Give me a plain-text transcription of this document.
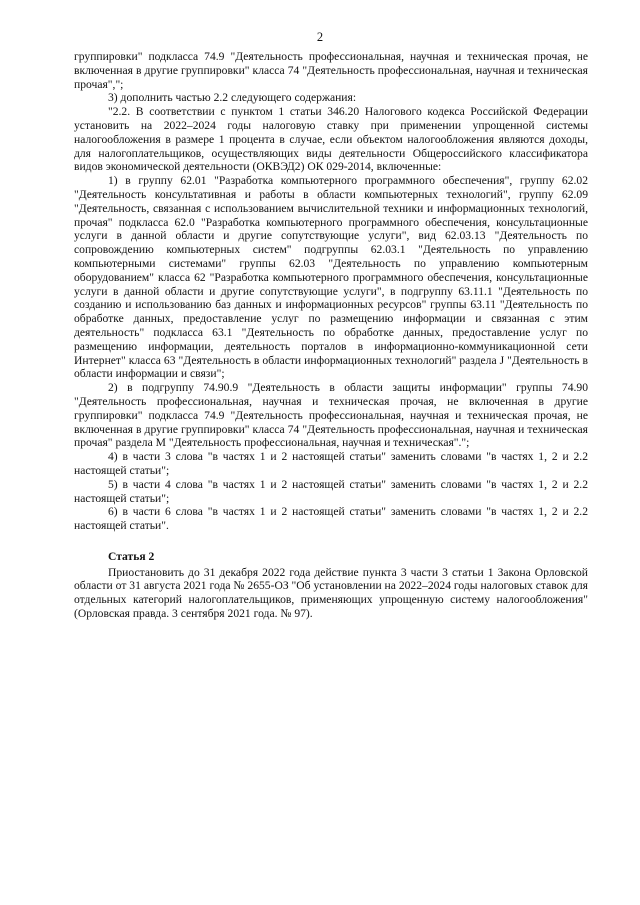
2

группировки" подкласса 74.9 "Деятельность профессиональная, научная и техническая прочая, не включенная в другие группировки" класса 74 "Деятельность профессиональная, научная и техническая прочая",";

3) дополнить частью 2.2 следующего содержания:

"2.2. В соответствии с пунктом 1 статьи 346.20 Налогового кодекса Российской Федерации установить на 2022–2024 годы налоговую ставку при применении упрощенной системы налогообложения в размере 1 процента в случае, если объектом налогообложения являются доходы, для налогоплательщиков, осуществляющих виды деятельности Общероссийского классификатора видов экономической деятельности (ОКВЭД2) ОК 029-2014, включенные:

1) в группу 62.01 "Разработка компьютерного программного обеспечения", группу 62.02 "Деятельность консультативная и работы в области компьютерных технологий", группу 62.09 "Деятельность, связанная с использованием вычислительной техники и информационных технологий, прочая" подкласса 62.0 "Разработка компьютерного программного обеспечения, консультационные услуги в данной области и другие сопутствующие услуги", вид 62.03.13 "Деятельность по сопровождению компьютерных систем" подгруппы 62.03.1 "Деятельность по управлению компьютерными системами" группы 62.03 "Деятельность по управлению компьютерным оборудованием" класса 62 "Разработка компьютерного программного обеспечения, консультационные услуги в данной области и другие сопутствующие услуги", в подгруппу 63.11.1 "Деятельность по созданию и использованию баз данных и информационных ресурсов" группы 63.11 "Деятельность по обработке данных, предоставление услуг по размещению информации и связанная с этим деятельность" подкласса 63.1 "Деятельность по обработке данных, предоставление услуг по размещению информации, деятельность порталов в информационно-коммуникационной сети Интернет" класса 63 "Деятельность в области информационных технологий" раздела J "Деятельность в области информации и связи";

2) в подгруппу 74.90.9 "Деятельность в области защиты информации" группы 74.90 "Деятельность профессиональная, научная и техническая прочая, не включенная в другие группировки" подкласса 74.9 "Деятельность профессиональная, научная и техническая прочая, не включенная в другие группировки" класса 74 "Деятельность профессиональная, научная и техническая прочая" раздела M "Деятельность профессиональная, научная и техническая".";

4) в части 3 слова "в частях 1 и 2 настоящей статьи" заменить словами "в частях 1, 2 и 2.2 настоящей статьи";

5) в части 4 слова "в частях 1 и 2 настоящей статьи" заменить словами "в частях 1, 2 и 2.2 настоящей статьи";

6) в части 6 слова "в частях 1 и 2 настоящей статьи" заменить словами "в частях 1, 2 и 2.2 настоящей статьи".

Статья 2

Приостановить до 31 декабря 2022 года действие пункта 3 части 3 статьи 1 Закона Орловской области от 31 августа 2021 года № 2655-ОЗ "Об установлении на 2022–2024 годы налоговых ставок для отдельных категорий налогоплательщиков, применяющих упрощенную систему налогообложения" (Орловская правда. 3 сентября 2021 года. № 97).
